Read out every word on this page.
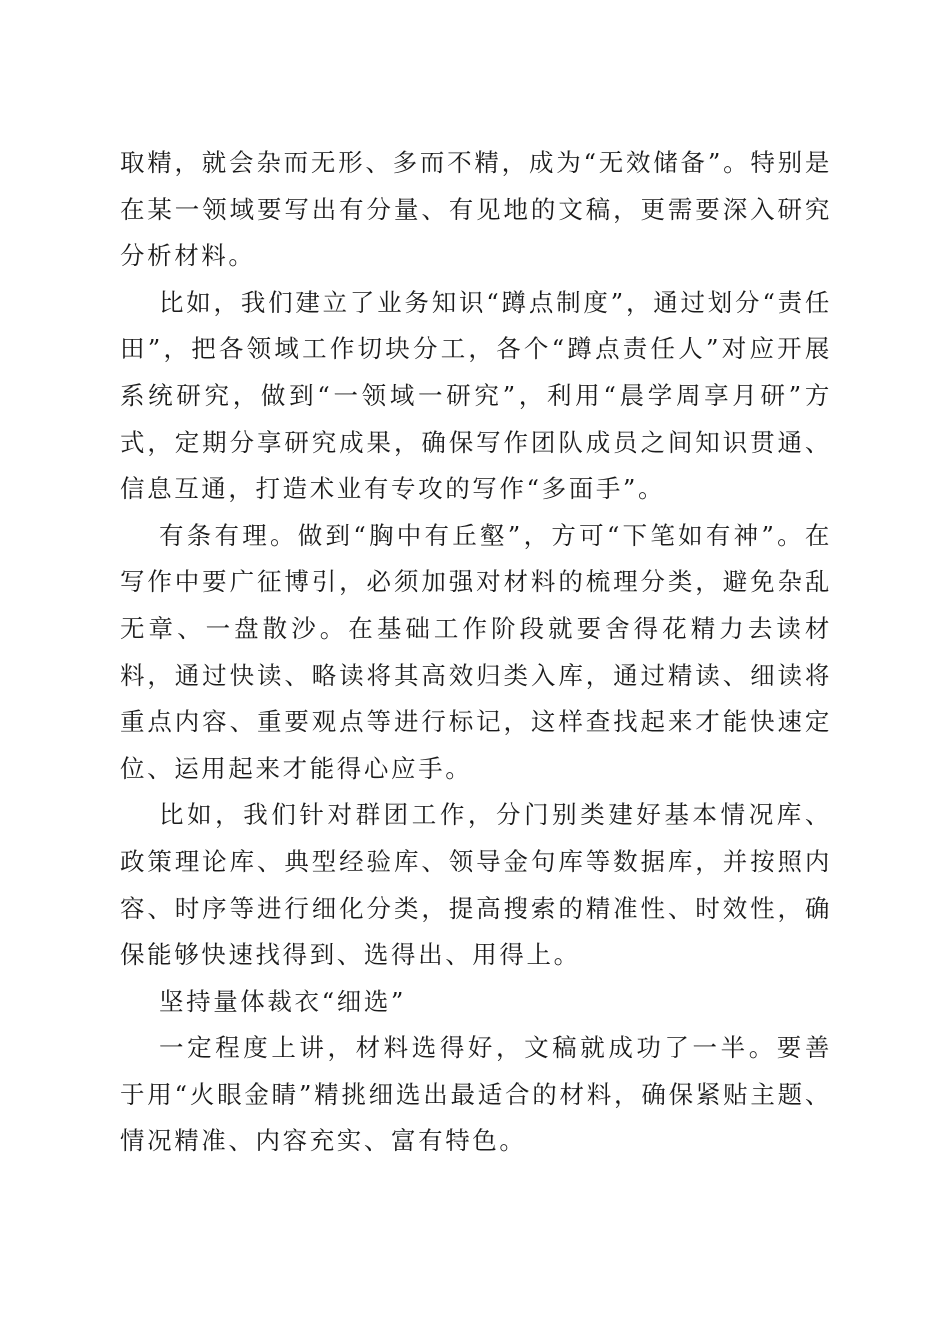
取精，就会杂而无形、多而不精，成为“无效储备”。特别是在某一领域要写出有分量、有见地的文稿，更需要深入研究分析材料。

比如，我们建立了业务知识“蹲点制度”，通过划分“责任田”，把各领域工作切块分工，各个“蹲点责任人”对应开展系统研究，做到“一领域一研究”，利用“晨学周享月研”方式，定期分享研究成果，确保写作团队成员之间知识贯通、信息互通，打造术业有专攻的写作“多面手”。

有条有理。做到“胸中有丘壑”，方可“下笔如有神”。在写作中要广征博引，必须加强对材料的梳理分类，避免杂乱无章、一盘散沙。在基础工作阶段就要舍得花精力去读材料，通过快读、略读将其高效归类入库，通过精读、细读将重点内容、重要观点等进行标记，这样查找起来才能快速定位、运用起来才能得心应手。

比如，我们针对群团工作，分门别类建好基本情况库、政策理论库、典型经验库、领导金句库等数据库，并按照内容、时序等进行细化分类，提高搜索的精准性、时效性，确保能够快速找得到、选得出、用得上。

坚持量体裁衣“细选”

一定程度上讲，材料选得好，文稿就成功了一半。要善于用“火眼金睛”精挑细选出最适合的材料，确保紧贴主题、情况精准、内容充实、富有特色。
